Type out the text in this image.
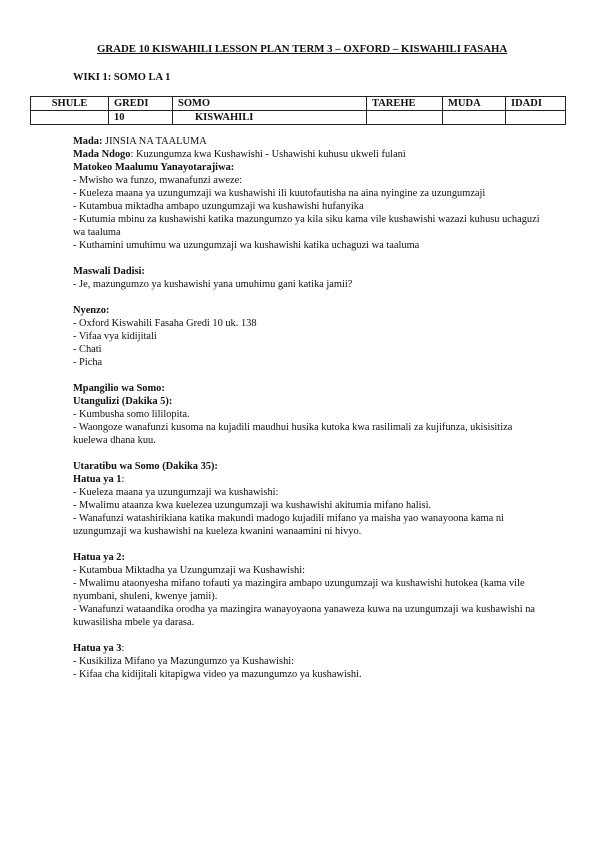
GRADE 10 KISWAHILI LESSON PLAN TERM 3 – OXFORD – KISWAHILI FASAHA
WIKI 1: SOMO LA 1
SHULE	GREDI	SOMO	TAREHE	MUDA	IDADI
	10	KISWAHILI			

Mada: JINSIA NA TAALUMA

Mada Ndogo: Kuzungumza kwa Kushawishi - Ushawishi kuhusu ukweli fulani

Matokeo Maalumu Yanayotarajiwa:

- Mwisho wa funzo, mwanafunzi aweze:

- Kueleza maana ya uzungumzaji wa kushawishi ili kuutofautisha na aina nyingine za uzungumzaji

- Kutambua miktadha ambapo uzungumzaji wa kushawishi hufanyika

- Kutumia mbinu za kushawishi katika mazungumzo ya kila siku kama vile kushawishi wazazi kuhusu uchaguzi wa taaluma

- Kuthamini umuhimu wa uzungumzaji wa kushawishi katika uchaguzi wa taaluma

Maswali Dadisi:

- Je, mazungumzo ya kushawishi yana umuhimu gani katika jamii?

Nyenzo:

- Oxford Kiswahili Fasaha Gredi 10 uk. 138

- Vifaa vya kidijitali

- Chati

- Picha

Mpangilio wa Somo:

Utangulizi (Dakika 5):

- Kumbusha somo lililopita.

- Waongoze wanafunzi kusoma na kujadili maudhui husika kutoka kwa rasilimali za kujifunza, ukisisitiza kuelewa dhana kuu.

Utaratibu wa Somo (Dakika 35):

Hatua ya 1:

- Kueleza maana ya uzungumzaji wa kushawishi:

- Mwalimu ataanza kwa kuelezea uzungumzaji wa kushawishi akitumia mifano halisi.

- Wanafunzi watashirikiana katika makundi madogo kujadili mifano ya maisha yao wanayoona kama ni uzungumzaji wa kushawishi na kueleza kwanini wanaamini ni hivyo.

Hatua ya 2:

- Kutambua Miktadha ya Uzungumzaji wa Kushawishi:

- Mwalimu ataonyesha mifano tofauti ya mazingira ambapo uzungumzaji wa kushawishi hutokea (kama vile nyumbani, shuleni, kwenye jamii).

- Wanafunzi wataandika orodha ya mazingira wanayoyaona yanaweza kuwa na uzungumzaji wa kushawishi na kuwasilisha mbele ya darasa.

Hatua ya 3:

- Kusikiliza Mifano ya Mazungumzo ya Kushawishi:

- Kifaa cha kidijitali kitapigwa video ya mazungumzo ya kushawishi.
